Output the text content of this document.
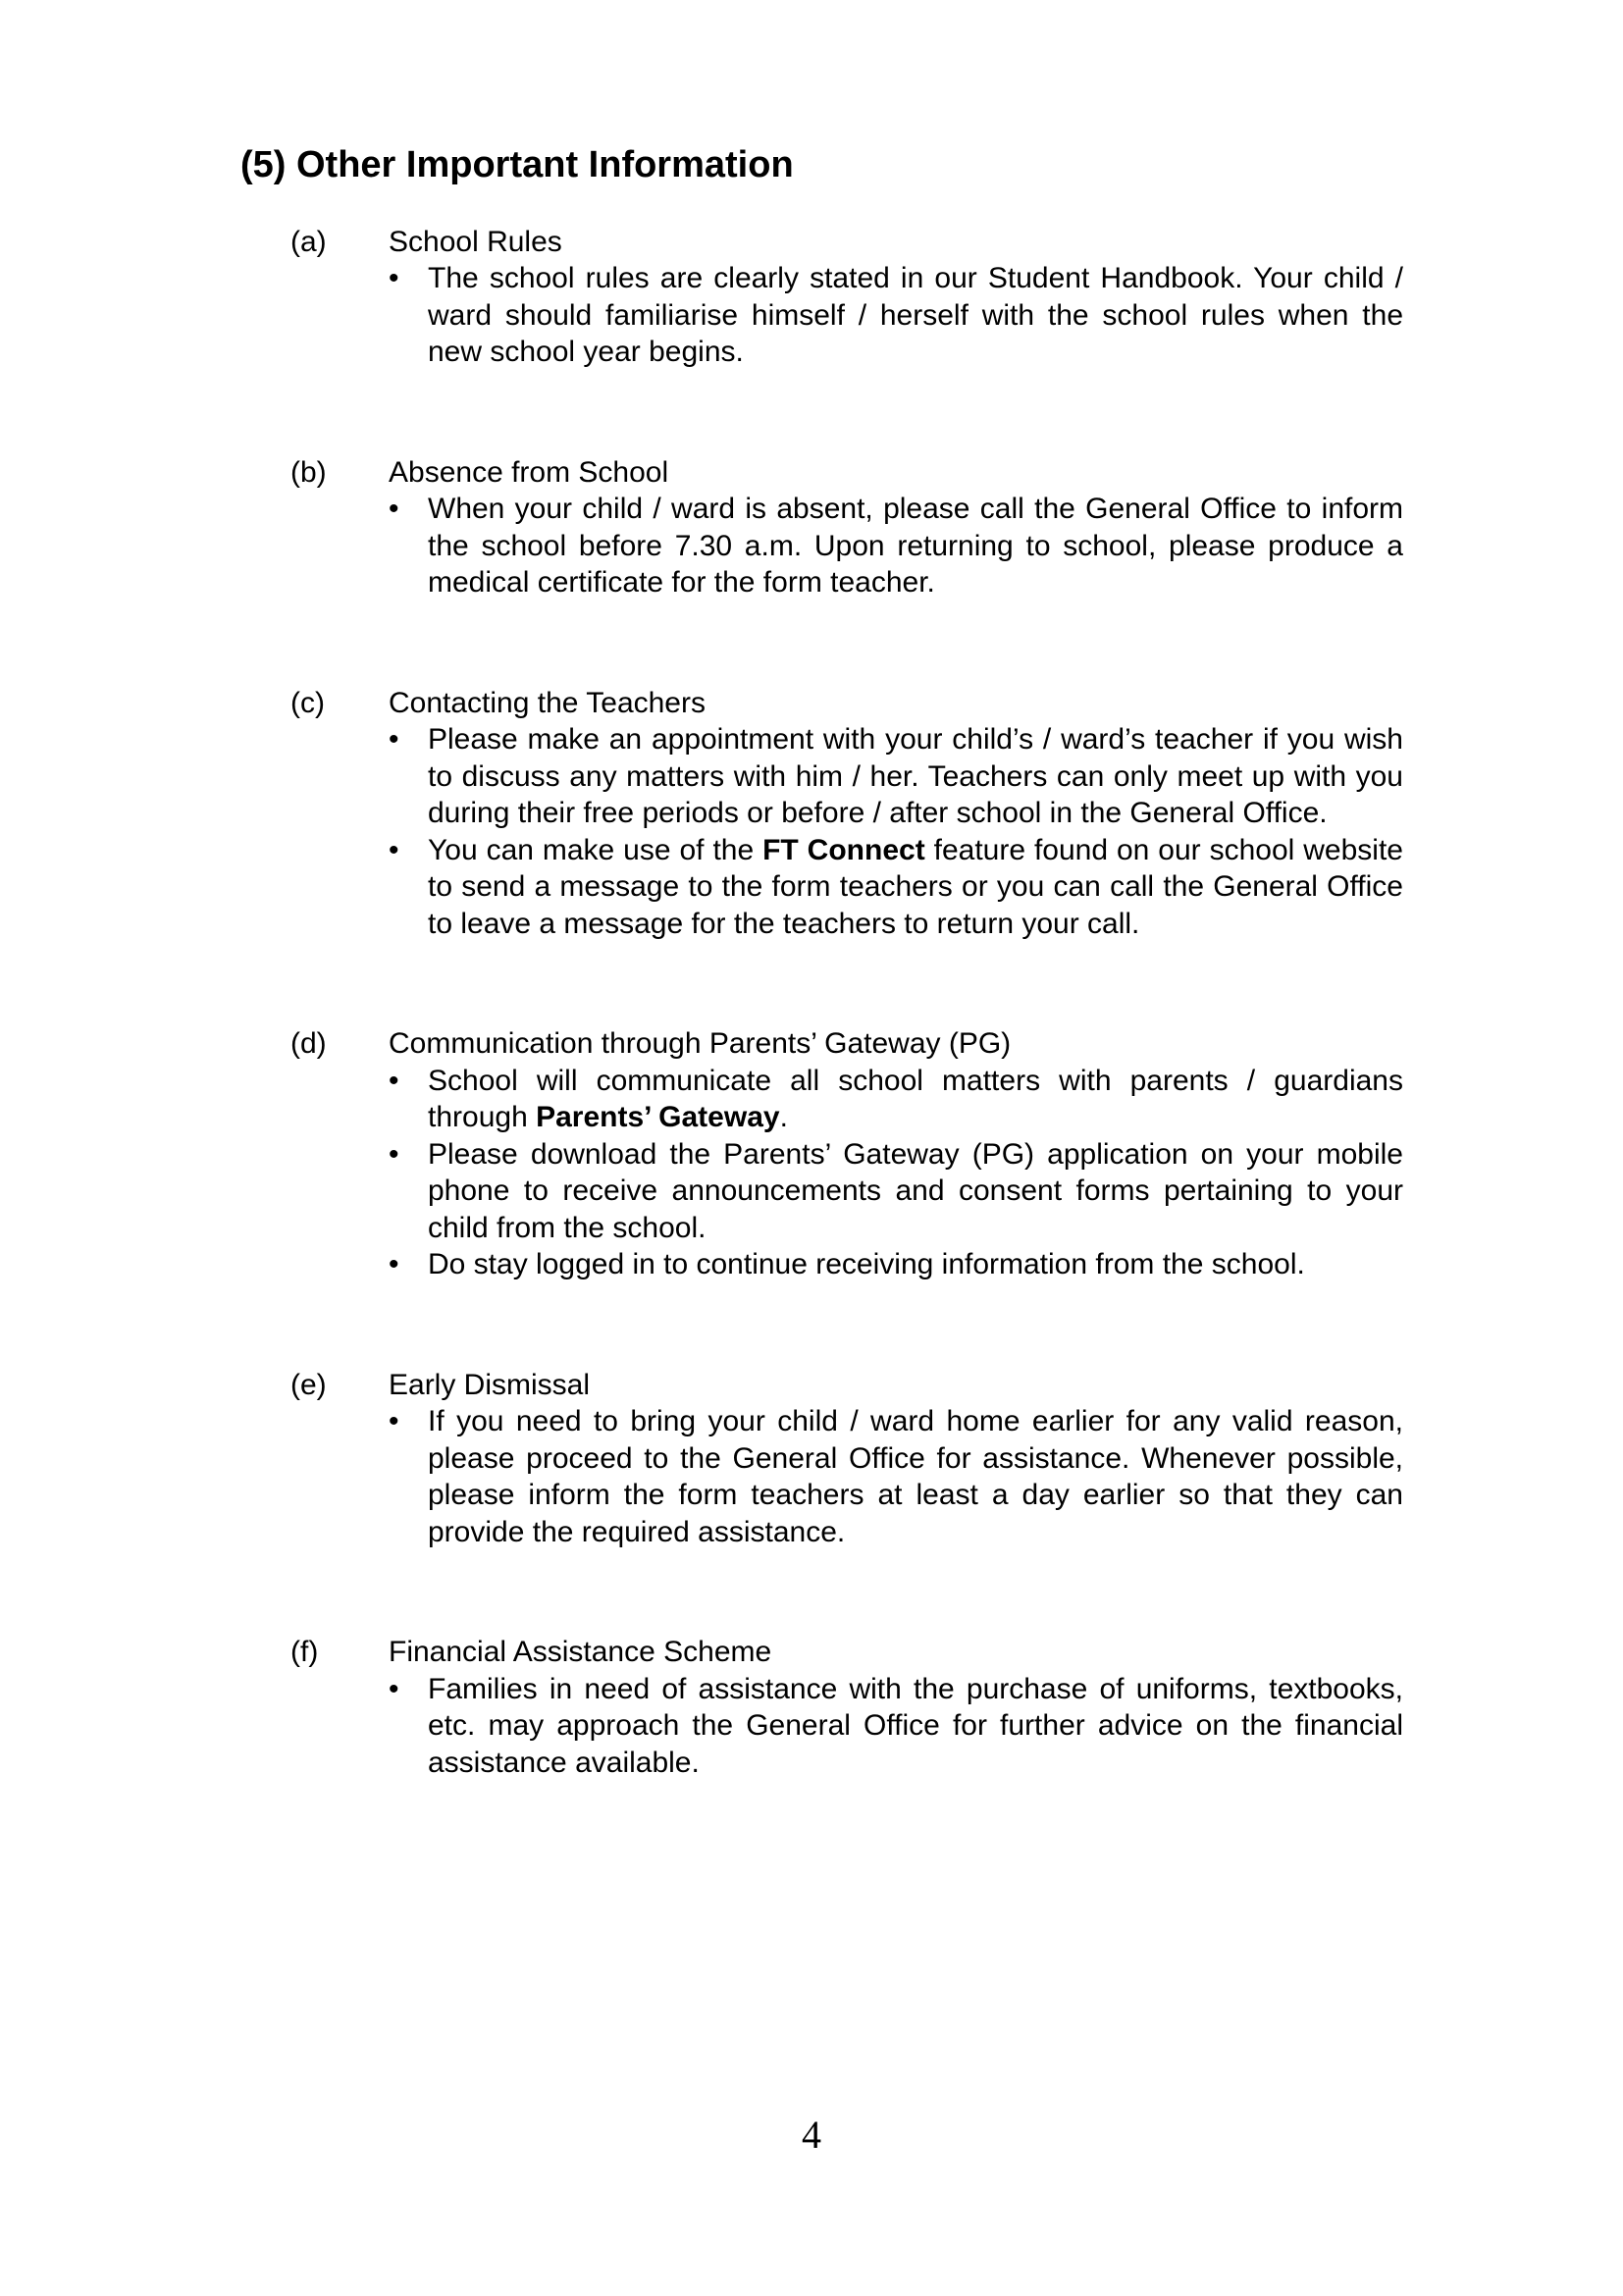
(5) Other Important Information
(a) School Rules
• The school rules are clearly stated in our Student Handbook. Your child / ward should familiarise himself / herself with the school rules when the new school year begins.
(b) Absence from School
• When your child / ward is absent, please call the General Office to inform the school before 7.30 a.m. Upon returning to school, please produce a medical certificate for the form teacher.
(c) Contacting the Teachers
• Please make an appointment with your child’s / ward’s teacher if you wish to discuss any matters with him / her. Teachers can only meet up with you during their free periods or before / after school in the General Office.
• You can make use of the FT Connect feature found on our school website to send a message to the form teachers or you can call the General Office to leave a message for the teachers to return your call.
(d) Communication through Parents’ Gateway (PG)
• School will communicate all school matters with parents / guardians through Parents’ Gateway.
• Please download the Parents’ Gateway (PG) application on your mobile phone to receive announcements and consent forms pertaining to your child from the school.
• Do stay logged in to continue receiving information from the school.
(e) Early Dismissal
• If you need to bring your child / ward home earlier for any valid reason, please proceed to the General Office for assistance. Whenever possible, please inform the form teachers at least a day earlier so that they can provide the required assistance.
(f) Financial Assistance Scheme
• Families in need of assistance with the purchase of uniforms, textbooks, etc. may approach the General Office for further advice on the financial assistance available.
4
